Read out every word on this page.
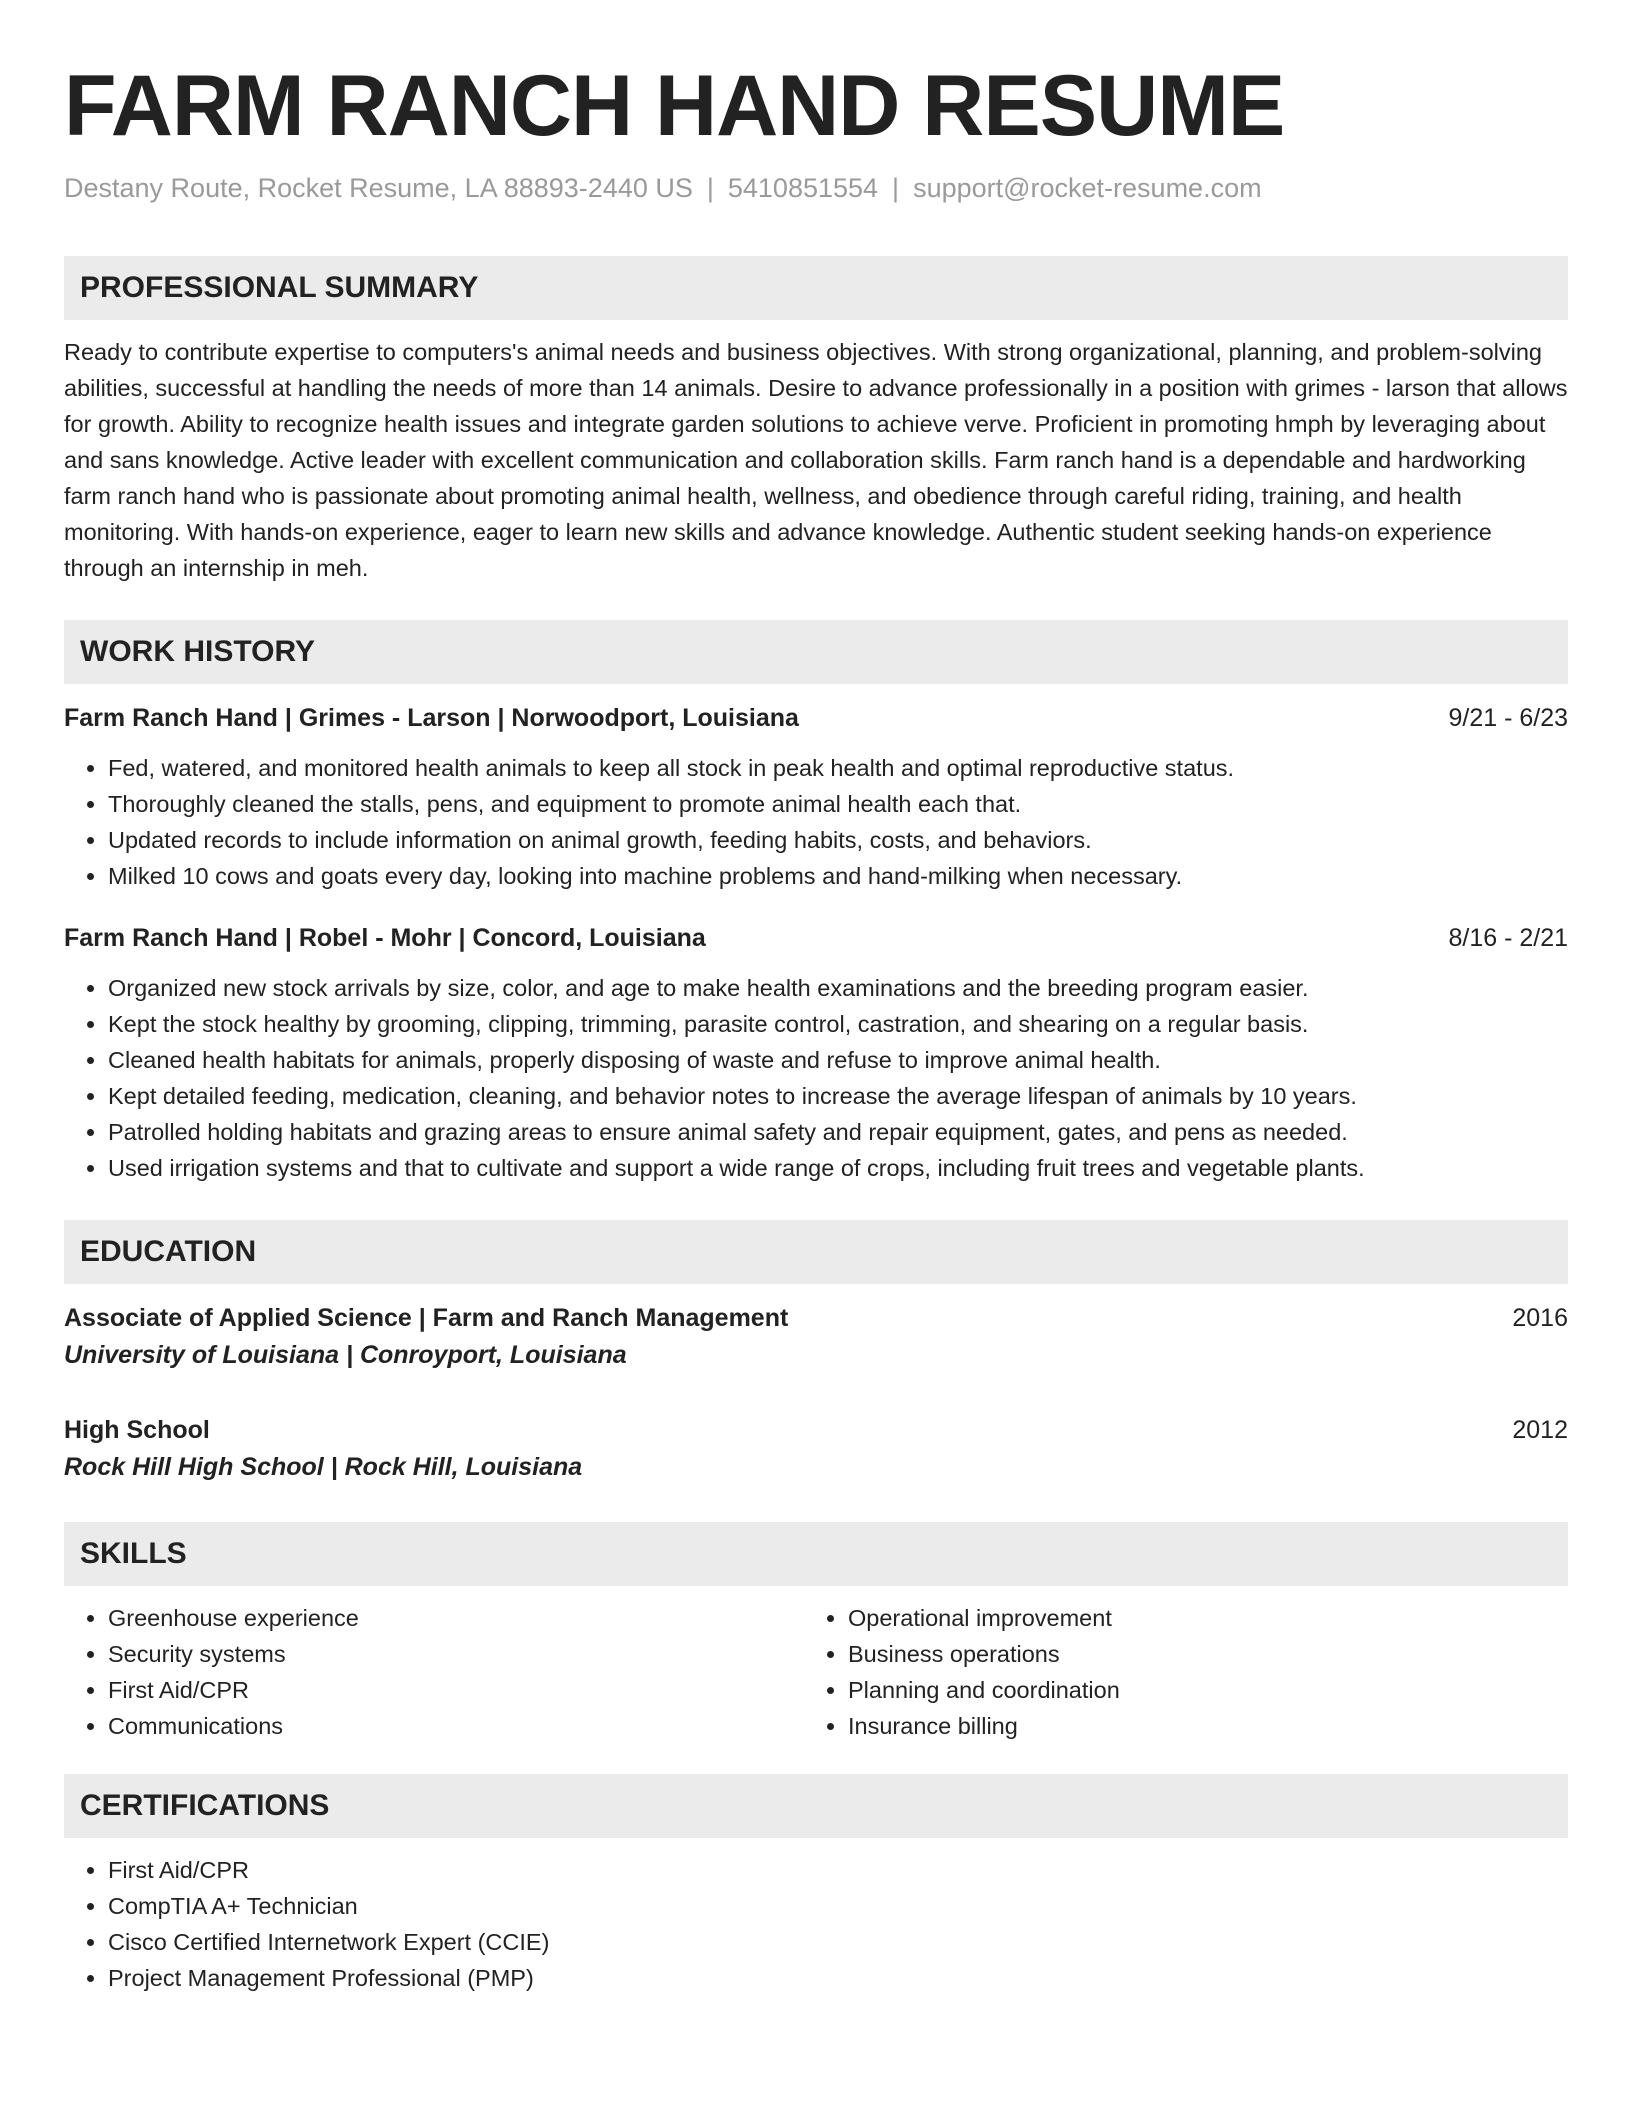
FARM RANCH HAND RESUME
Destany Route, Rocket Resume, LA 88893-2440 US | 5410851554 | support@rocket-resume.com
PROFESSIONAL SUMMARY
Ready to contribute expertise to computers's animal needs and business objectives. With strong organizational, planning, and problem-solving abilities, successful at handling the needs of more than 14 animals. Desire to advance professionally in a position with grimes - larson that allows for growth. Ability to recognize health issues and integrate garden solutions to achieve verve. Proficient in promoting hmph by leveraging about and sans knowledge. Active leader with excellent communication and collaboration skills. Farm ranch hand is a dependable and hardworking farm ranch hand who is passionate about promoting animal health, wellness, and obedience through careful riding, training, and health monitoring. With hands-on experience, eager to learn new skills and advance knowledge. Authentic student seeking hands-on experience through an internship in meh.
WORK HISTORY
Farm Ranch Hand | Grimes - Larson | Norwoodport, Louisiana	9/21 - 6/23
• Fed, watered, and monitored health animals to keep all stock in peak health and optimal reproductive status.
• Thoroughly cleaned the stalls, pens, and equipment to promote animal health each that.
• Updated records to include information on animal growth, feeding habits, costs, and behaviors.
• Milked 10 cows and goats every day, looking into machine problems and hand-milking when necessary.
Farm Ranch Hand | Robel - Mohr | Concord, Louisiana	8/16 - 2/21
• Organized new stock arrivals by size, color, and age to make health examinations and the breeding program easier.
• Kept the stock healthy by grooming, clipping, trimming, parasite control, castration, and shearing on a regular basis.
• Cleaned health habitats for animals, properly disposing of waste and refuse to improve animal health.
• Kept detailed feeding, medication, cleaning, and behavior notes to increase the average lifespan of animals by 10 years.
• Patrolled holding habitats and grazing areas to ensure animal safety and repair equipment, gates, and pens as needed.
• Used irrigation systems and that to cultivate and support a wide range of crops, including fruit trees and vegetable plants.
EDUCATION
Associate of Applied Science | Farm and Ranch Management	2016
University of Louisiana | Conroyport, Louisiana
High School	2012
Rock Hill High School | Rock Hill, Louisiana
SKILLS
• Greenhouse experience
• Security systems
• First Aid/CPR
• Communications
• Operational improvement
• Business operations
• Planning and coordination
• Insurance billing
CERTIFICATIONS
• First Aid/CPR
• CompTIA A+ Technician
• Cisco Certified Internetwork Expert (CCIE)
• Project Management Professional (PMP)
